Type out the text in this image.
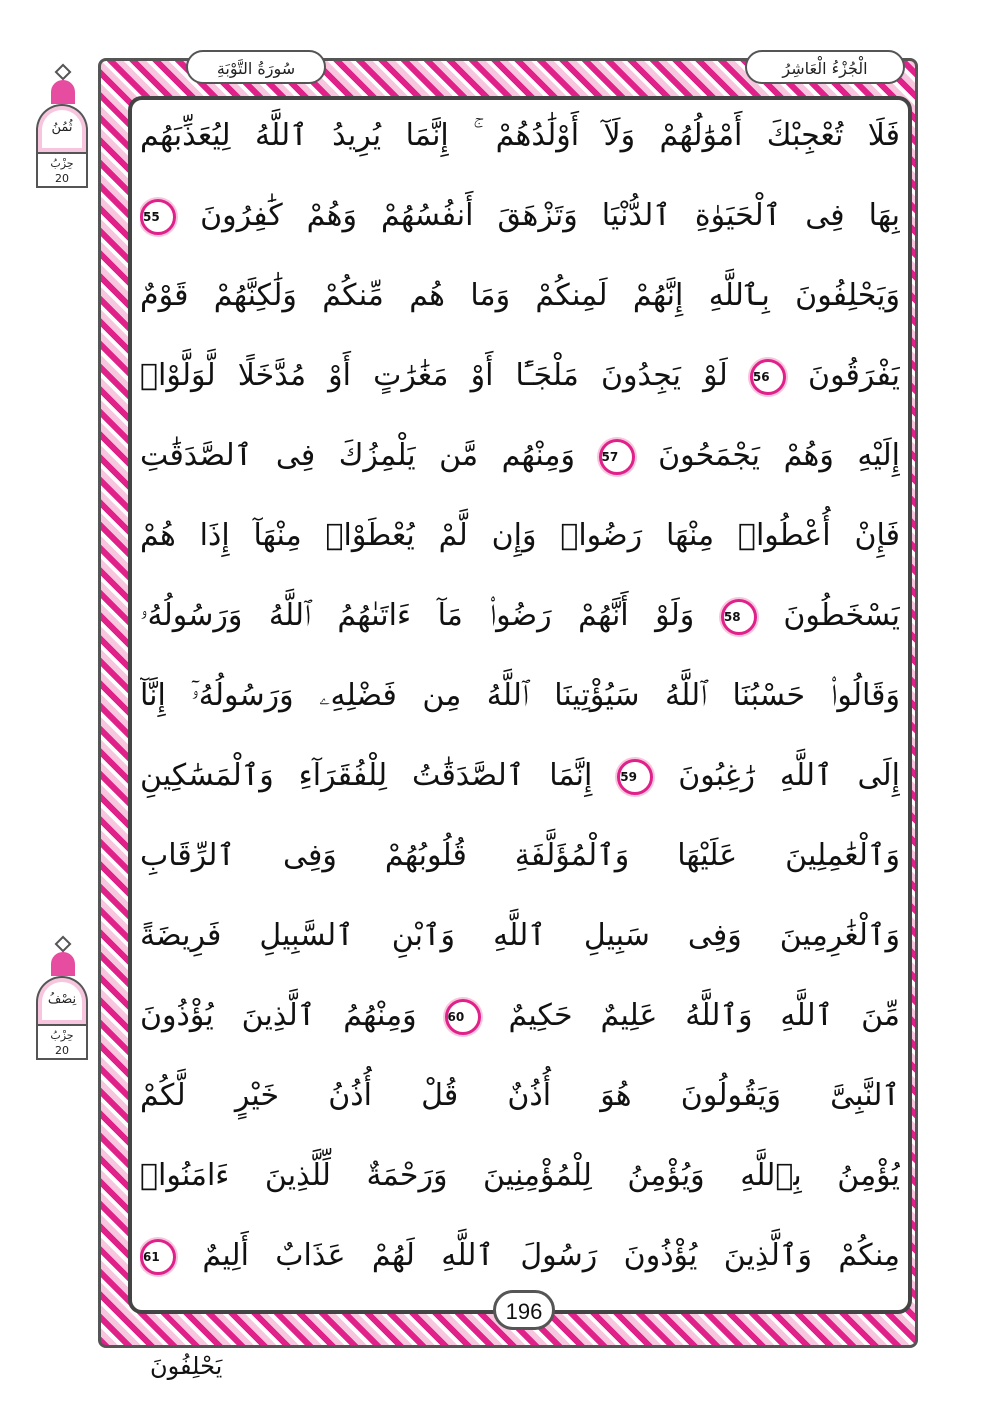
الْجُزْءُ الْعَاشِرُ
سُورَةُ التَّوْبَةِ
ثُمُنُ
حِزْبُ
20
نِصْفُ
حِزْبُ
20
فَلَا تُعْجِبْكَ أَمْوَٰلُهُمْ وَلَآ أَوْلَٰدُهُمْ ۚ إِنَّمَا يُرِيدُ ٱللَّهُ لِيُعَذِّبَهُم
بِهَا فِى ٱلْحَيَوٰةِ ٱلدُّنْيَا وَتَزْهَقَ أَنفُسُهُمْ وَهُمْ كَٰفِرُونَ 55
وَيَحْلِفُونَ بِٱللَّهِ إِنَّهُمْ لَمِنكُمْ وَمَا هُم مِّنكُمْ وَلَٰكِنَّهُمْ قَوْمٌ
يَفْرَقُونَ 56 لَوْ يَجِدُونَ مَلْجَـًٔا أَوْ مَغَٰرَٰتٍ أَوْ مُدَّخَلًا لَّوَلَّوْا۟
إِلَيْهِ وَهُمْ يَجْمَحُونَ 57 وَمِنْهُم مَّن يَلْمِزُكَ فِى ٱلصَّدَقَٰتِ
فَإِنْ أُعْطُوا۟ مِنْهَا رَضُوا۟ وَإِن لَّمْ يُعْطَوْا۟ مِنْهَآ إِذَا هُمْ
يَسْخَطُونَ 58 وَلَوْ أَنَّهُمْ رَضُوا۟ مَآ ءَاتَىٰهُمُ ٱللَّهُ وَرَسُولُهُۥ
وَقَالُوا۟ حَسْبُنَا ٱللَّهُ سَيُؤْتِينَا ٱللَّهُ مِن فَضْلِهِۦ وَرَسُولُهُۥٓ إِنَّآ
إِلَى ٱللَّهِ رَٰغِبُونَ 59 إِنَّمَا ٱلصَّدَقَٰتُ لِلْفُقَرَآءِ وَٱلْمَسَٰكِينِ
وَٱلْعَٰمِلِينَ عَلَيْهَا وَٱلْمُؤَلَّفَةِ قُلُوبُهُمْ وَفِى ٱلرِّقَابِ
وَٱلْغَٰرِمِينَ وَفِى سَبِيلِ ٱللَّهِ وَٱبْنِ ٱلسَّبِيلِ فَرِيضَةً
مِّنَ ٱللَّهِ وَٱللَّهُ عَلِيمٌ حَكِيمٌ 60 وَمِنْهُمُ ٱلَّذِينَ يُؤْذُونَ
ٱلنَّبِىَّ وَيَقُولُونَ هُوَ أُذُنٌ قُلْ أُذُنُ خَيْرٍ لَّكُمْ
يُؤْمِنُ بِٱللَّهِ وَيُؤْمِنُ لِلْمُؤْمِنِينَ وَرَحْمَةٌ لِّلَّذِينَ ءَامَنُوا۟
مِنكُمْ وَٱلَّذِينَ يُؤْذُونَ رَسُولَ ٱللَّهِ لَهُمْ عَذَابٌ أَلِيمٌ 61
196
يَحْلِفُونَ
